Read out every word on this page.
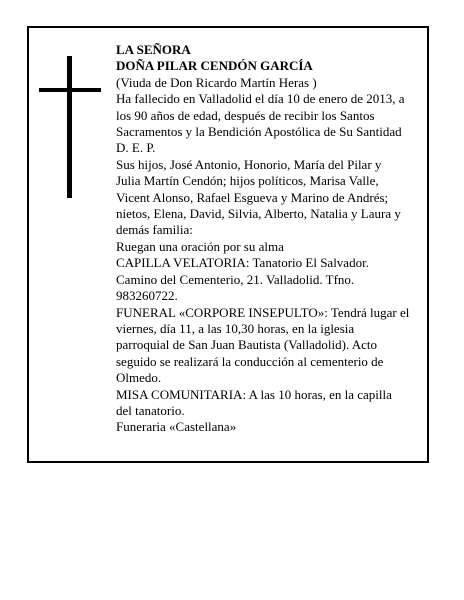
LA SEÑORA
DOÑA PILAR CENDÓN GARCÍA
(Viuda de Don Ricardo Martín Heras )
Ha fallecido en Valladolid el día 10 de enero de 2013, a
los 90 años de edad, después de recibir los Santos
Sacramentos y la Bendición Apostólica de Su Santidad
D. E. P.
Sus hijos, José Antonio, Honorio, María del Pilar y
Julia Martín Cendón; hijos políticos, Marisa Valle,
Vicent Alonso, Rafael Esgueva y Marino de Andrés;
nietos, Elena, David, Silvia, Alberto, Natalia y Laura y
demás familia:
Ruegan una oración por su alma
CAPILLA VELATORIA: Tanatorio El Salvador.
Camino del Cementerio, 21. Valladolid. Tfno.
983260722.
FUNERAL «CORPORE INSEPULTO»: Tendrá lugar el
viernes, día 11, a las 10,30 horas, en la iglesia
parroquial de San Juan Bautista (Valladolid). Acto
seguido se realizará la conducción al cementerio de
Olmedo.
MISA COMUNITARIA: A las 10 horas, en la capilla
del tanatorio.
Funeraria «Castellana»
